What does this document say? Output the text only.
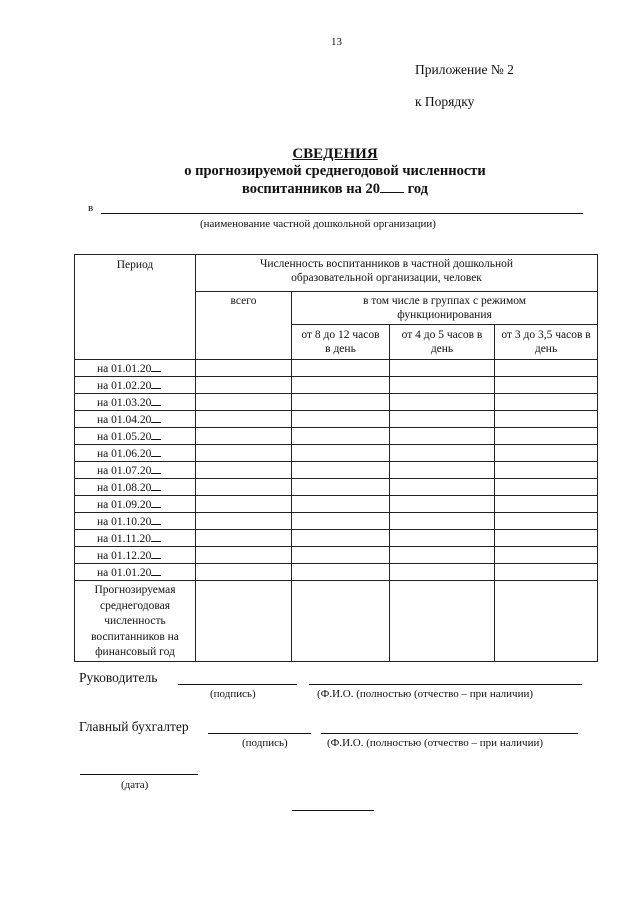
13
Приложение № 2
к Порядку
СВЕДЕНИЯ
о прогнозируемой среднегодовой численности
воспитанников на 20 год
в
(наименование частной дошкольной организации)
Период	Численность воспитанников в частной дошкольной образовательной организации, человек			
	всего	в том числе в группах с режимом функционирования		
		от 8 до 12 часов в день	от 4 до 5 часов в день	от 3 до 3,5 часов в день
на 01.01.20				
на 01.02.20				
на 01.03.20				
на 01.04.20				
на 01.05.20				
на 01.06.20				
на 01.07.20				
на 01.08.20				
на 01.09.20				
на 01.10.20				
на 01.11.20				
на 01.12.20				
на 01.01.20				
Прогнозируемая среднегодовая численность воспитанников на финансовый год				
Руководитель
(подпись)	(Ф.И.О. (полностью (отчество – при наличии)
Главный бухгалтер
(подпись)	(Ф.И.О. (полностью (отчество – при наличии)
(дата)
